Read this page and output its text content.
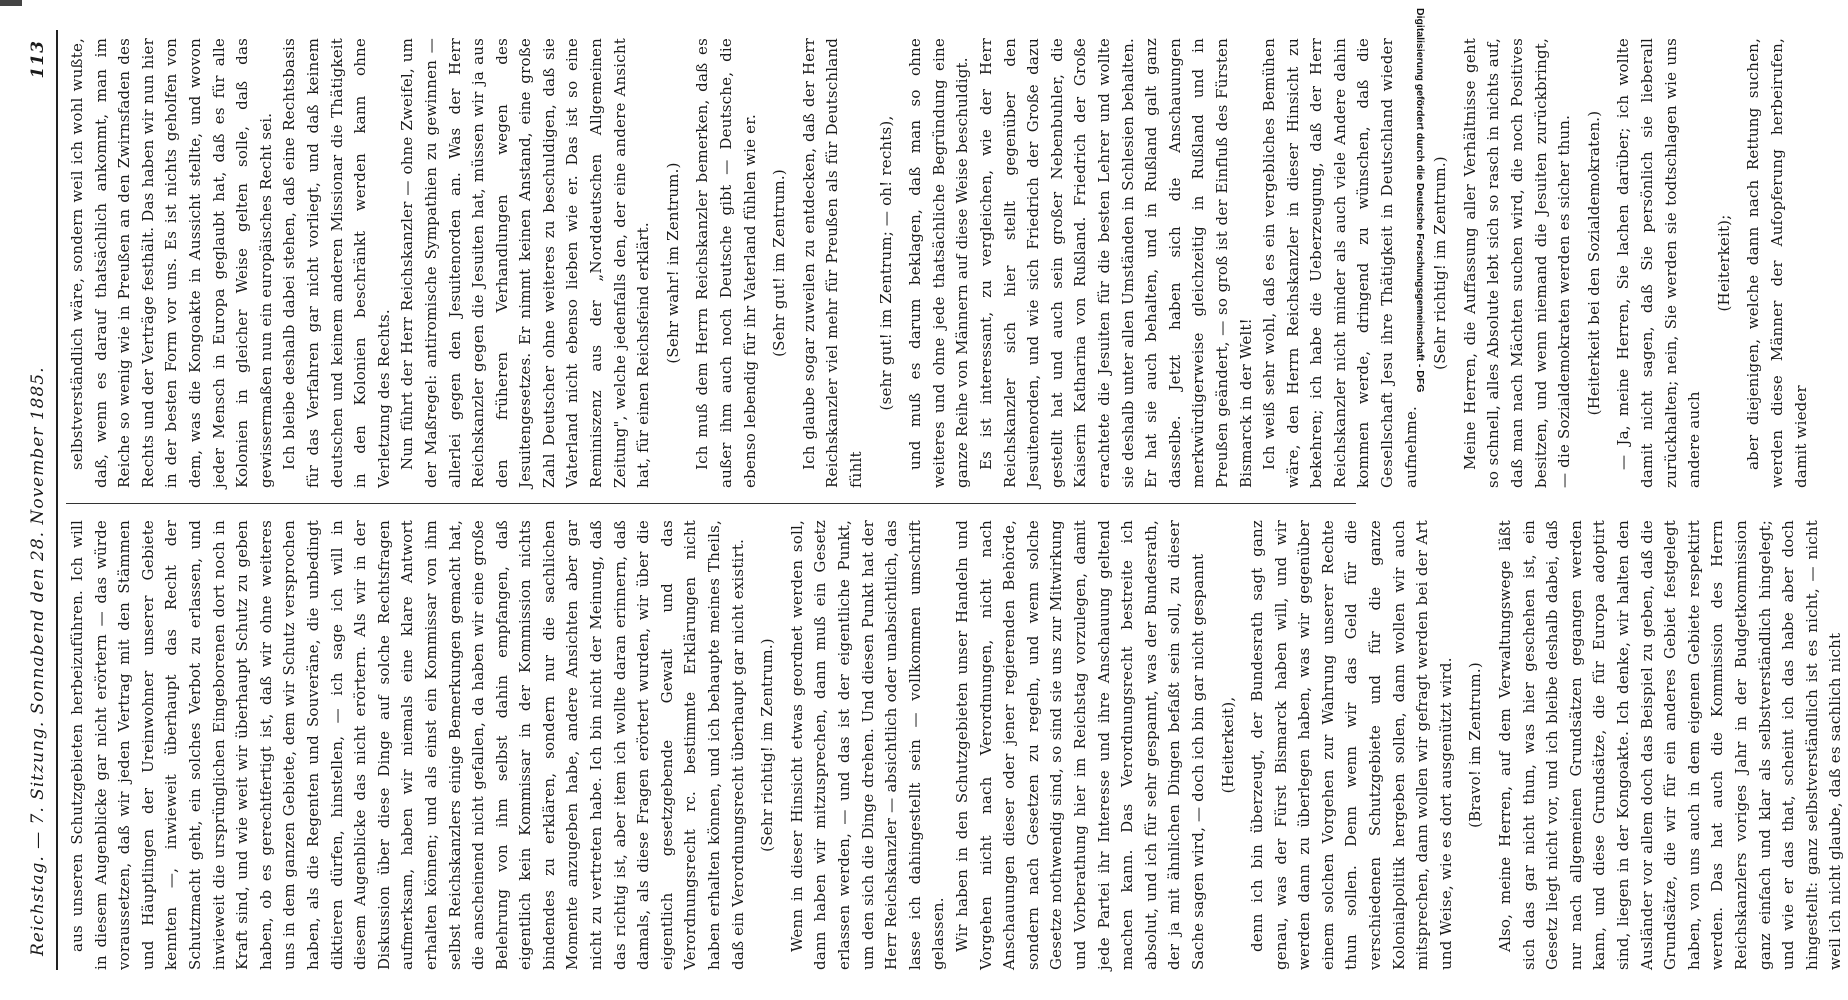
Reichstag. — 7. Sitzung. Sonnabend den 28. November 1885.
113

aus unseren Schutzgebieten herbeizuführen. Ich will in diesem Augenblicke gar nicht erörtern — das würde voraussetzen, daß wir jeden Vertrag mit den Stämmen und Häuptlingen der Ureinwohner unserer Gebiete kennten —, inwieweit überhaupt das Recht der Schutzmacht geht, ein solches Verbot zu erlassen, und inwieweit die ursprünglichen Eingeborenen dort noch in Kraft sind, und wie weit wir überhaupt Schutz zu geben haben, ob es gerechtfertigt ist, daß wir ohne weiteres uns in dem ganzen Gebiete, dem wir Schutz versprochen haben, als die Regenten und Souveräne, die unbedingt diktieren dürfen, hinstellen, — ich sage ich will in diesem Augenblicke das nicht erörtern. Als wir in der Diskussion über diese Dinge auf solche Rechtsfragen aufmerksam, haben wir niemals eine klare Antwort erhalten können; und als einst ein Kommissar von ihm selbst Reichskanzlers einige Bemerkungen gemacht hat, die anscheinend nicht gefallen, da haben wir eine große Belehrung von ihm selbst dahin empfangen, daß eigentlich kein Kommissar in der Kommission nichts bindendes zu erklären, sondern nur die sachlichen Momente anzugeben habe, andere Ansichten aber gar nicht zu vertreten habe. Ich bin nicht der Meinung, daß das richtig ist, aber item ich wollte daran erinnern, daß damals, als diese Fragen erörtert wurden, wir über die eigentlich gesetzgebende Gewalt und das Verordnungsrecht rc. bestimmte Erklärungen nicht haben erhalten können, und ich behaupte meines Theils, daß ein Verordnungsrecht überhaupt gar nicht existirt. (Sehr richtig! im Zentrum.) Wenn in dieser Hinsicht etwas geordnet werden soll, dann haben wir mitzusprechen, dann muß ein Gesetz erlassen werden, — und das ist der eigentliche Punkt, um den sich die Dinge drehen. Und diesen Punkt hat der Herr Reichskanzler — absichtlich oder unabsichtlich, das lasse ich dahingestellt sein — vollkommen umschrift gelassen. Wir haben in den Schutzgebieten unser Handeln und Vorgehen nicht nach Verordnungen, nicht nach Anschauungen dieser oder jener regierenden Behörde, sondern nach Gesetzen zu regeln, und wenn solche Gesetze nothwendig sind, so sind sie uns zur Mitwirkung und Vorberathung hier im Reichstag vorzulegen, damit jede Partei ihr Interesse und ihre Anschauung geltend machen kann. Das Verordnungsrecht bestreite ich absolut, und ich für sehr gespannt, was der Bundesrath, der ja mit ähnlichen Dingen befaßt sein soll, zu dieser Sache sagen wird, — doch ich bin gar nicht gespannt (Heiterkeit), denn ich bin überzeugt, der Bundesrath sagt ganz genau, was der Fürst Bismarck haben will, und wir werden dann zu überlegen haben, was wir gegenüber einem solchen Vorgehen zur Wahrung unserer Rechte thun sollen. Denn wenn wir das Geld für die verschiedenen Schutzgebiete und für die ganze Kolonialpolitik hergeben sollen, dann wollen wir auch mitsprechen, dann wollen wir gefragt werden bei der Art und Weise, wie es dort ausgenützt wird. (Bravo! im Zentrum.) Also, meine Herren, auf dem Verwaltungswege läßt sich das gar nicht thun, was hier geschehen ist, ein Gesetz liegt nicht vor, und ich bleibe deshalb dabei, daß nur nach allgemeinen Grundsätzen gegangen werden kann, und diese Grundsätze, die für Europa adoptirt sind, liegen in der Kongoakte. Ich denke, wir halten den Ausländer vor allem doch das Beispiel zu geben, daß die Grundsätze, die wir für ein anderes Gebiet festgelegt haben, von uns auch in dem eigenen Gebiete respektirt werden. Das hat auch die Kommission des Herrn Reichskanzlers voriges Jahr in der Budgetkommission ganz einfach und klar als selbstverständlich hingelegt; und wie er das that, scheint ich das habe aber doch hingestellt: ganz selbstverständlich ist es nicht, — nicht weil ich nicht glaube, daß es sachlich nicht

selbstverständlich wäre, sondern weil ich wohl wußte, daß, wenn es darauf thatsächlich ankommt, man im Reiche so wenig wie in Preußen an den Zwirnsfaden des Rechts und der Verträge festhält. Das haben wir nun hier in der besten Form vor uns. Es ist nichts geholfen von dem, was die Kongoakte in Aussicht stellte, und wovon jeder Mensch in Europa geglaubt hat, daß es für alle Kolonien in gleicher Weise gelten solle, daß das gewissermaßen nun ein europäisches Recht sei. Ich bleibe deshalb dabei stehen, daß eine Rechtsbasis für das Verfahren gar nicht vorliegt, und daß keinem deutschen und keinem anderen Missionar die Thätigkeit in den Kolonien beschränkt werden kann ohne Verletzung des Rechts. Nun führt der Herr Reichskanzler — ohne Zweifel, um der Maßregel: antiromische Sympathien zu gewinnen — allerlei gegen den Jesuitenorden an. Was der Herr Reichskanzler gegen die Jesuiten hat, müssen wir ja aus den früheren Verhandlungen wegen des Jesuitengesetzes. Er nimmt keinen Anstand, eine große Zahl Deutscher ohne weiteres zu beschuldigen, daß sie Vaterland nicht ebenso lieben wie er. Das ist so eine Reminiszenz aus der „Norddeutschen Allgemeinen Zeitung", welche jedenfalls den, der eine andere Ansicht hat, für einen Reichsfeind erklärt. (Sehr wahr! im Zentrum.) Ich muß dem Herrn Reichskanzler bemerken, daß es außer ihm auch noch Deutsche gibt — Deutsche, die ebenso lebendig für ihr Vaterland fühlen wie er. (Sehr gut! im Zentrum.) Ich glaube sogar zuweilen zu entdecken, daß der Herr Reichskanzler viel mehr für Preußen als für Deutschland fühlt

(sehr gut! im Zentrum; — oh! rechts), und muß es darum beklagen, daß man so ohne weiteres und ohne jede thatsächliche Begründung eine ganze Reihe von Männern auf diese Weise beschuldigt. Es ist interessant, zu vergleichen, wie der Herr Reichskanzler sich hier stellt gegenüber den Jesuitenorden, und wie sich Friedrich der Große dazu gestellt hat und auch sein großer Nebenbuhler, die Kaiserin Katharina von Rußland. Friedrich der Große erachtete die Jesuiten für die besten Lehrer und wollte sie deshalb unter allen Umständen in Schlesien behalten. Er hat sie auch behalten, und in Rußland galt ganz dasselbe. Jetzt haben sich die Anschauungen merkwürdigerweise gleichzeitig in Rußland und in Preußen geändert, — so groß ist der Einfluß des Fürsten Bismarck in der Welt! Ich weiß sehr wohl, daß es ein vergebliches Bemühen wäre, den Herrn Reichskanzler in dieser Hinsicht zu bekehren; ich habe die Ueberzeugung, daß der Herr Reichskanzler nicht minder als auch viele Andere dahin kommen werde, dringend zu wünschen, daß die Gesellschaft Jesu ihre Thätigkeit in Deutschland wieder aufnehme.

(Sehr richtig! im Zentrum.) Meine Herren, die Auffassung aller Verhältnisse geht so schnell, alles Absolute lebt sich so rasch in nichts auf, daß man nach Mächten suchen wird, die noch Positives besitzen, und wenn niemand die Jesuiten zurückbringt, — die Sozialdemokraten werden es sicher thun. (Heiterkeit bei den Sozialdemokraten.) — Ja, meine Herren, Sie lachen darüber; ich wollte damit nicht sagen, daß Sie persönlich sie lieberall zurückhalten; nein, Sie werden sie todtschlagen wie uns andere auch

(Heiterkeit); aber diejenigen, welche dann nach Rettung suchen, werden diese Männer der Aufopferung herbeirufen, damit wieder

Digitalisierung gefördert durch die Deutsche Forschungsgemeinschaft - DFG
